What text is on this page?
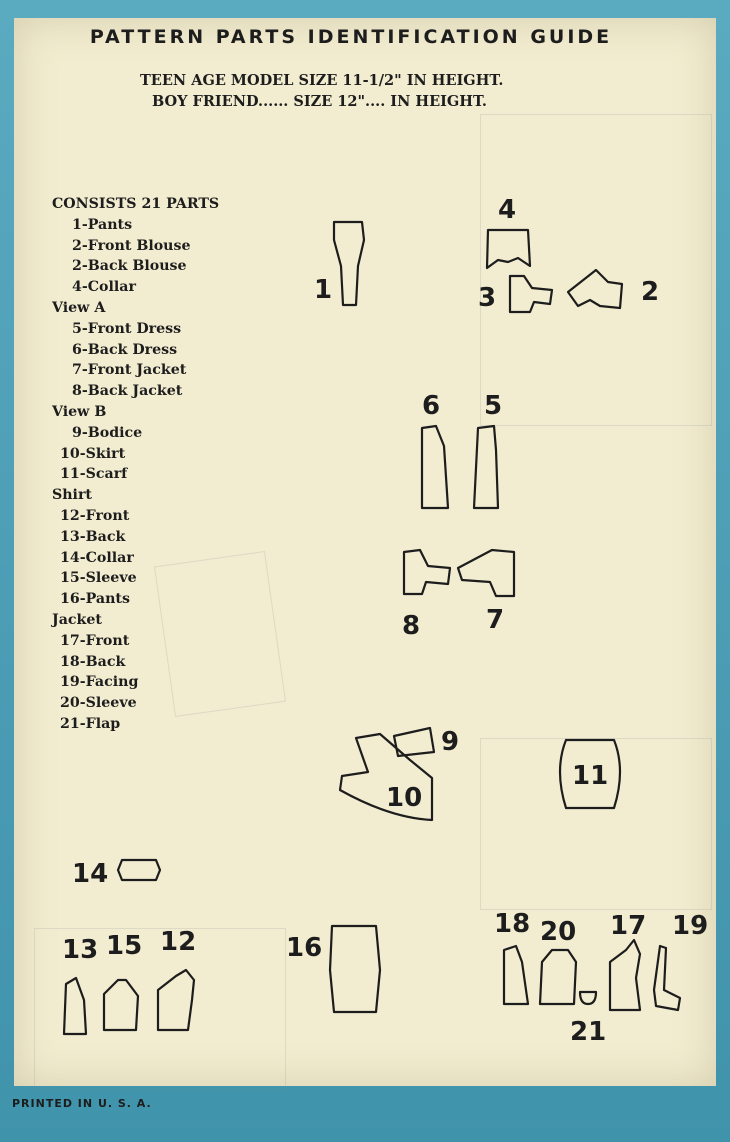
PATTERN PARTS IDENTIFICATION GUIDE
TEEN AGE MODEL SIZE 11-1/2" IN HEIGHT.
BOY FRIEND...... SIZE 12".... IN HEIGHT.
CONSISTS 21 PARTS
1-Pants
2-Front Blouse
2-Back Blouse
4-Collar
View A
5-Front Dress
6-Back Dress
7-Front Jacket
8-Back Jacket
View B
9-Bodice
10-Skirt
11-Scarf
Shirt
12-Front
13-Back
14-Collar
15-Sleeve
16-Pants
Jacket
17-Front
18-Back
19-Facing
20-Sleeve
21-Flap
1
4
3	2
6 5
8	7
9
10
11
14
16
13 15 12
18 20
21
17 19
PRINTED IN U. S. A.
